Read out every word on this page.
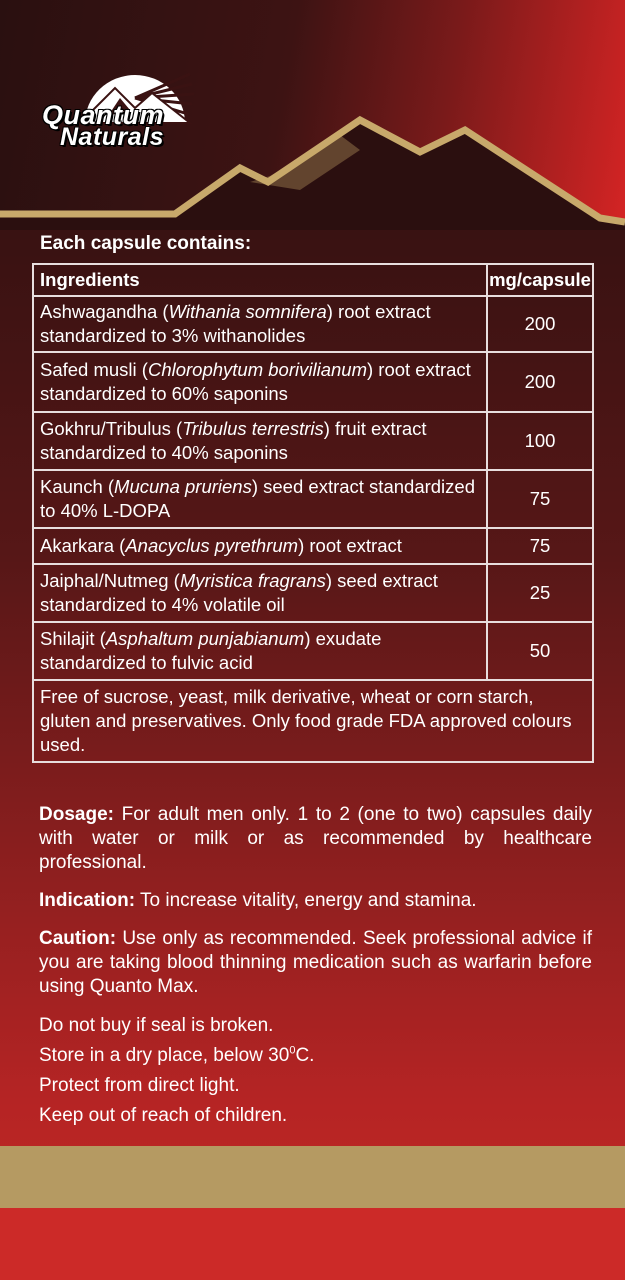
Quantum
Naturals
Each capsule contains:
Ingredients	mg/capsule
Ashwagandha (Withania somnifera) root extract standardized to 3% withanolides	200
Safed musli (Chlorophytum borivilianum) root extract standardized to 60% saponins	200
Gokhru/Tribulus (Tribulus terrestris) fruit extract standardized to 40% saponins	100
Kaunch (Mucuna pruriens) seed extract standardized to 40% L-DOPA	75
Akarkara (Anacyclus pyrethrum) root extract	75
Jaiphal/Nutmeg (Myristica fragrans) seed extract standardized to 4% volatile oil	25
Shilajit (Asphaltum punjabianum) exudate standardized to fulvic acid	50
Free of sucrose, yeast, milk derivative, wheat or corn starch, gluten and preservatives. Only food grade FDA approved colours used.	
Dosage: For adult men only. 1 to 2 (one to two) capsules daily with water or milk or as recommended by healthcare professional.
Indication: To increase vitality, energy and stamina.
Caution: Use only as recommended. Seek professional advice if you are taking blood thinning medication such as warfarin before using Quanto Max.
Do not buy if seal is broken.
Store in a dry place, below $30^0C$.
Protect from direct light.
Keep out of reach of children.
